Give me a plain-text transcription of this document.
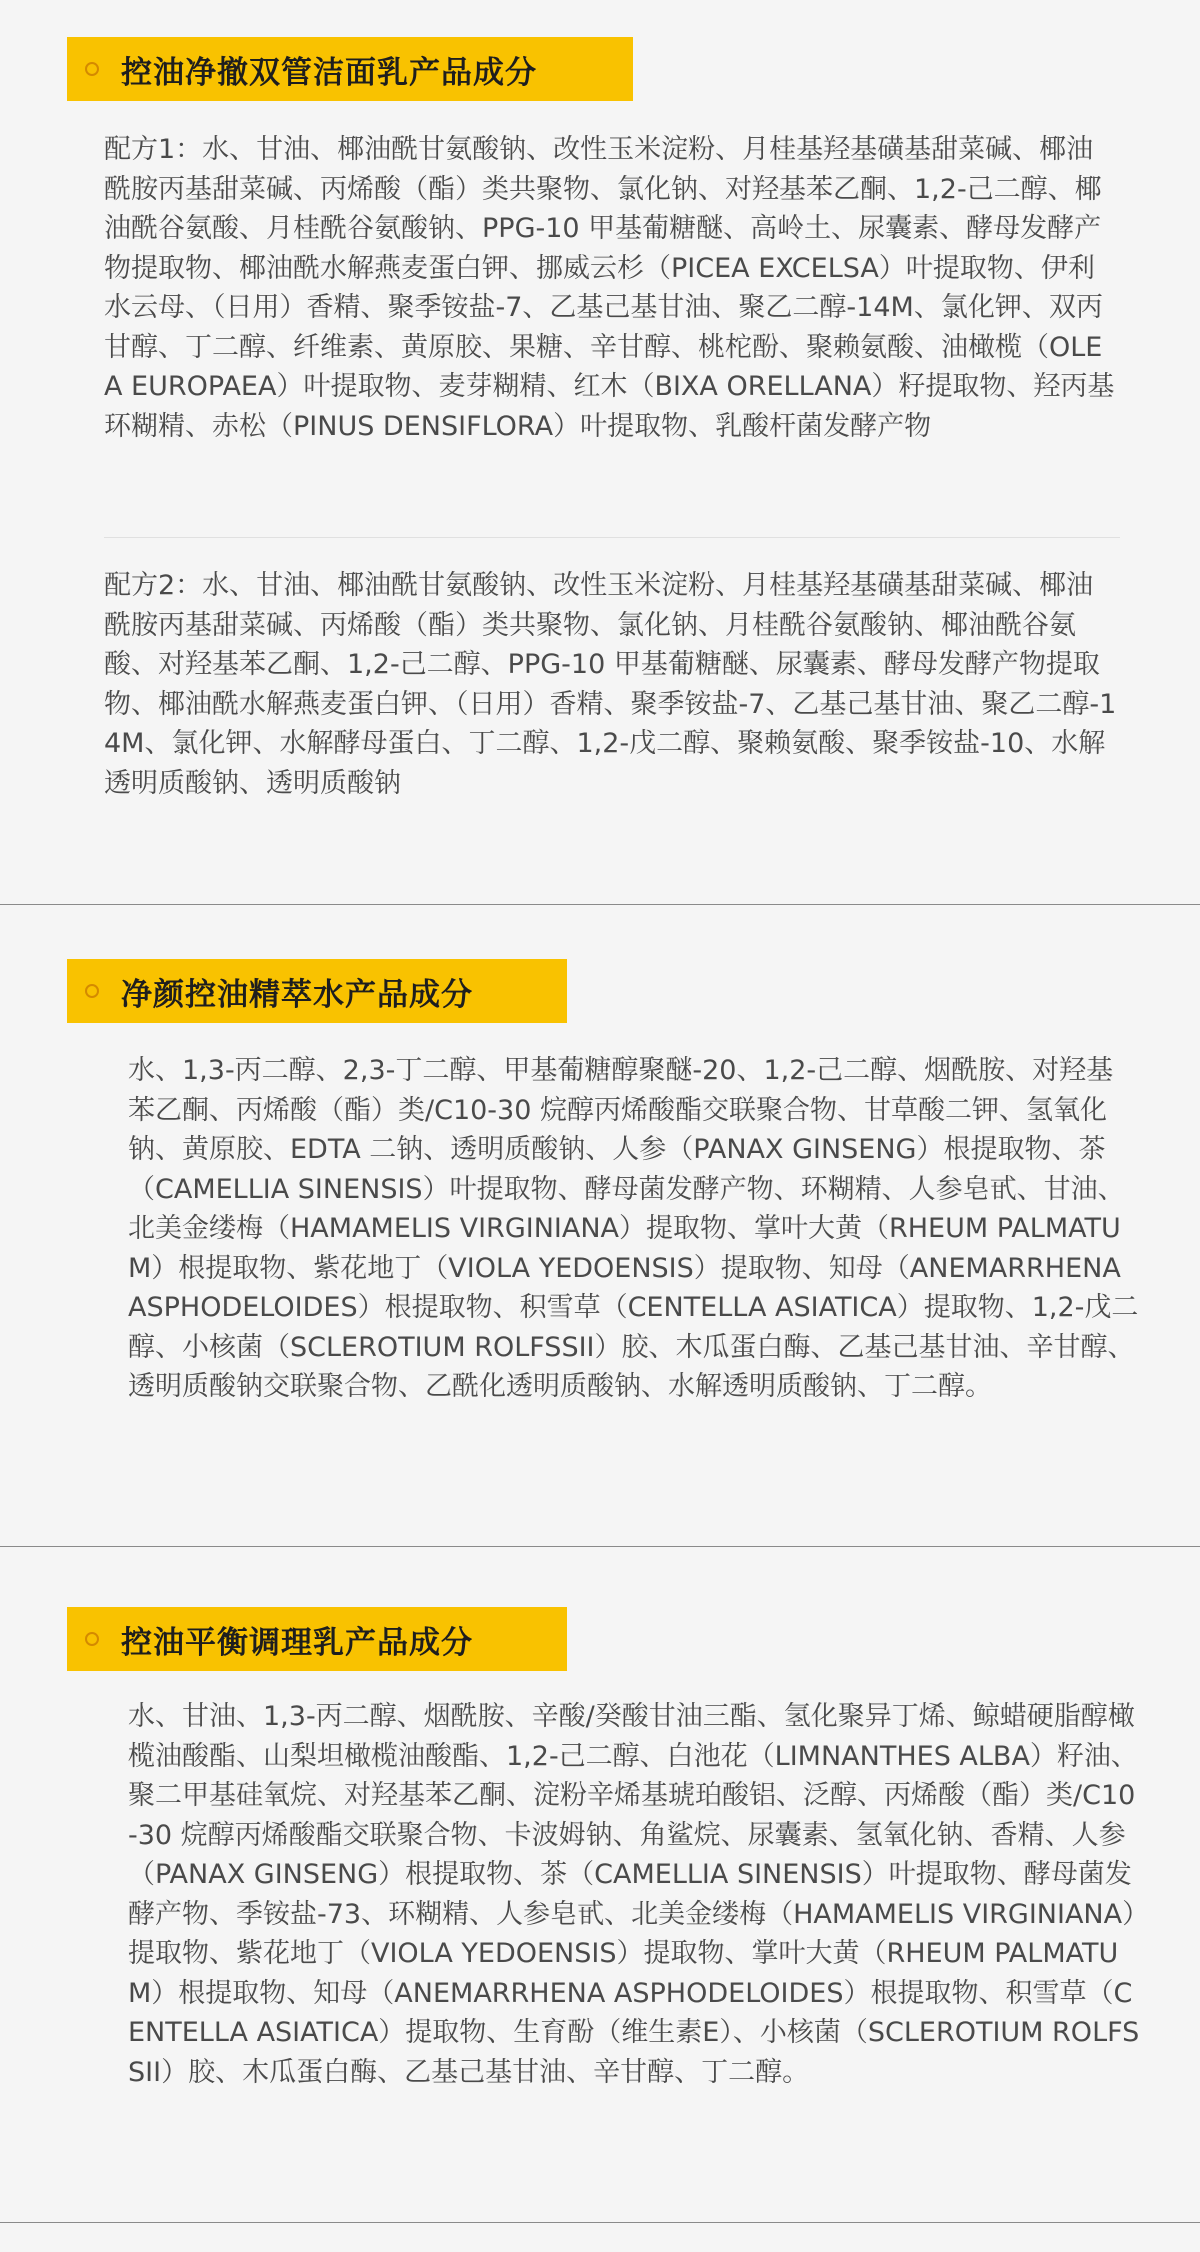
控油净撤双管洁面乳产品成分

配方1：水、甘油、椰油酰甘氨酸钠、改性玉米淀粉、月桂基羟基磺基甜菜碱、椰油酰胺丙基甜菜碱、丙烯酸（酯）类共聚物、氯化钠、对羟基苯乙酮、1,2-己二醇、椰油酰谷氨酸、月桂酰谷氨酸钠、PPG-10 甲基葡糖醚、高岭土、尿囊素、酵母发酵产物提取物、椰油酰水解燕麦蛋白钾、挪威云杉（PICEA EXCELSA）叶提取物、伊利水云母、（日用）香精、聚季铵盐-7、乙基己基甘油、聚乙二醇-14M、氯化钾、双丙甘醇、丁二醇、纤维素、黄原胶、果糖、辛甘醇、桃柁酚、聚赖氨酸、油橄榄（OLEA EUROPAEA）叶提取物、麦芽糊精、红木（BIXA ORELLANA）籽提取物、羟丙基环糊精、赤松（PINUS DENSIFLORA）叶提取物、乳酸杆菌发酵产物

配方2：水、甘油、椰油酰甘氨酸钠、改性玉米淀粉、月桂基羟基磺基甜菜碱、椰油酰胺丙基甜菜碱、丙烯酸（酯）类共聚物、氯化钠、月桂酰谷氨酸钠、椰油酰谷氨酸、对羟基苯乙酮、1,2-己二醇、PPG-10 甲基葡糖醚、尿囊素、酵母发酵产物提取物、椰油酰水解燕麦蛋白钾、（日用）香精、聚季铵盐-7、乙基己基甘油、聚乙二醇-14M、氯化钾、水解酵母蛋白、丁二醇、1,2-戊二醇、聚赖氨酸、聚季铵盐-10、水解透明质酸钠、透明质酸钠

净颜控油精萃水产品成分

水、1,3-丙二醇、2,3-丁二醇、甲基葡糖醇聚醚-20、1,2-己二醇、烟酰胺、对羟基苯乙酮、丙烯酸（酯）类/C10-30 烷醇丙烯酸酯交联聚合物、甘草酸二钾、氢氧化钠、黄原胶、EDTA 二钠、透明质酸钠、人参（PANAX GINSENG）根提取物、茶（CAMELLIA SINENSIS）叶提取物、酵母菌发酵产物、环糊精、人参皂甙、甘油、北美金缕梅（HAMAMELIS VIRGINIANA）提取物、掌叶大黄（RHEUM PALMATUM）根提取物、紫花地丁（VIOLA YEDOENSIS）提取物、知母（ANEMARRHENA ASPHODELOIDES）根提取物、积雪草（CENTELLA ASIATICA）提取物、1,2-戊二醇、小核菌（SCLEROTIUM ROLFSSII）胶、木瓜蛋白酶、乙基己基甘油、辛甘醇、透明质酸钠交联聚合物、乙酰化透明质酸钠、水解透明质酸钠、丁二醇。

控油平衡调理乳产品成分

水、甘油、1,3-丙二醇、烟酰胺、辛酸/癸酸甘油三酯、氢化聚异丁烯、鲸蜡硬脂醇橄榄油酸酯、山梨坦橄榄油酸酯、1,2-己二醇、白池花（LIMNANTHES ALBA）籽油、聚二甲基硅氧烷、对羟基苯乙酮、淀粉辛烯基琥珀酸铝、泛醇、丙烯酸（酯）类/C10-30 烷醇丙烯酸酯交联聚合物、卡波姆钠、角鲨烷、尿囊素、氢氧化钠、香精、人参（PANAX GINSENG）根提取物、茶（CAMELLIA SINENSIS）叶提取物、酵母菌发酵产物、季铵盐-73、环糊精、人参皂甙、北美金缕梅（HAMAMELIS VIRGINIANA）提取物、紫花地丁（VIOLA YEDOENSIS）提取物、掌叶大黄（RHEUM PALMATUM）根提取物、知母（ANEMARRHENA ASPHODELOIDES）根提取物、积雪草（CENTELLA ASIATICA）提取物、生育酚（维生素E）、小核菌（SCLEROTIUM ROLFSSII）胶、木瓜蛋白酶、乙基己基甘油、辛甘醇、丁二醇。
